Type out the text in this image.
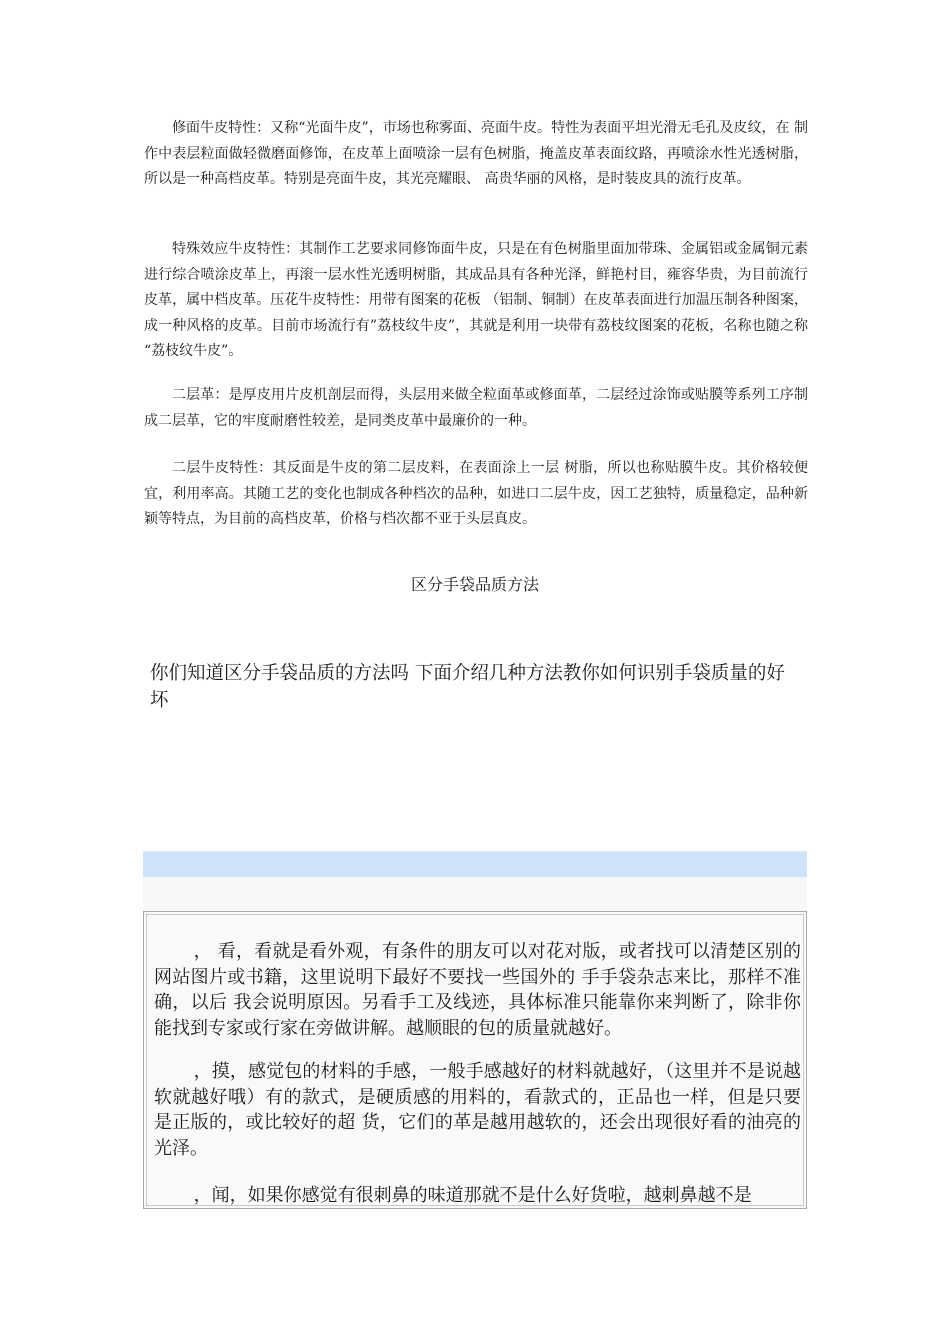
修面牛皮特性：又称“光面牛皮”，市场也称雾面、亮面牛皮。特性为表面平坦光滑无毛孔及皮纹，在 制作中表层粒面做轻微磨面修饰，在皮革上面喷涂一层有色树脂，掩盖皮革表面纹路，再喷涂水性光透树脂，所以是一种高档皮革。特别是亮面牛皮，其光亮耀眼、 高贵华丽的风格，是时装皮具的流行皮革。

特殊效应牛皮特性：其制作工艺要求同修饰面牛皮，只是在有色树脂里面加带珠、金属铝或金属铜元素 进行综合喷涂皮革上，再滚一层水性光透明树脂，其成品具有各种光泽，鲜艳村目，雍容华贵，为目前流行皮革，属中档皮革。压花牛皮特性：用带有图案的花板 （铝制、铜制）在皮革表面进行加温压制各种图案，成一种风格的皮革。目前市场流行有”荔枝纹牛皮”，其就是利用一块带有荔枝纹图案的花板，名称也随之称 “荔枝纹牛皮”。

二层革：是厚皮用片皮机剖层而得，头层用来做全粒面革或修面革，二层经过涂饰或贴膜等系列工序制成二层革，它的牢度耐磨性较差，是同类皮革中最廉价的一种。

二层牛皮特性：其反面是牛皮的第二层皮料，在表面涂上一层 树脂，所以也称贴膜牛皮。其价格较便宜，利用率高。其随工艺的变化也制成各种档次的品种，如进口二层牛皮，因工艺独特，质量稳定，品种新颖等特点，为目前的高档皮革，价格与档次都不亚于头层真皮。

区分手袋品质方法

你们知道区分手袋品质的方法吗 下面介绍几种方法教你如何识别手袋质量的好坏

， 看，看就是看外观，有条件的朋友可以对花对版，或者找可以清楚区别的网站图片或书籍，这里说明下最好不要找一些国外的 手手袋杂志来比，那样不准确，以后 我会说明原因。另看手工及线迹，具体标准只能靠你来判断了，除非你能找到专家或行家在旁做讲解。越顺眼的包的质量就越好。

，摸，感觉包的材料的手感，一般手感越好的材料就越好，（这里并不是说越软就越好哦）有的款式，是硬质感的用料的，看款式的，正品也一样，但是只要是正版的，或比较好的超 货，它们的革是越用越软的，还会出现很好看的油亮的光泽。

，闻，如果你感觉有很刺鼻的味道那就不是什么好货啦，越刺鼻越不是
